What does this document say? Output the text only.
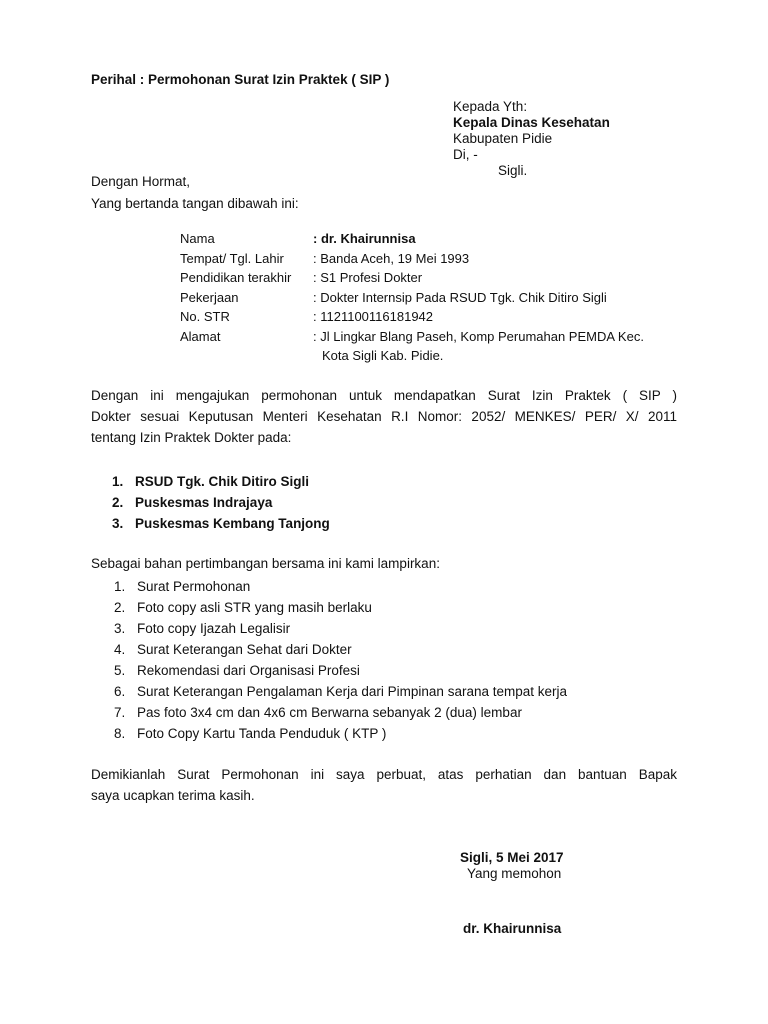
Perihal : Permohonan Surat Izin Praktek ( SIP )
Kepada Yth:
Kepala Dinas Kesehatan
Kabupaten Pidie
Di, -
Sigli.
Dengan Hormat,
Yang bertanda tangan dibawah ini:
Nama	: dr. Khairunnisa
Tempat/ Tgl. Lahir	: Banda Aceh, 19 Mei 1993
Pendidikan terakhir	: S1 Profesi Dokter
Pekerjaan	: Dokter Internsip Pada RSUD Tgk. Chik Ditiro Sigli
No. STR	: 1121100116181942
Alamat	: Jl Lingkar Blang Paseh, Komp Perumahan PEMDA Kec.
	Kota Sigli Kab. Pidie.
Dengan ini mengajukan permohonan untuk mendapatkan Surat Izin Praktek ( SIP )
Dokter sesuai Keputusan Menteri Kesehatan R.I Nomor: 2052/ MENKES/ PER/ X/ 2011
tentang Izin Praktek Dokter pada:
1. RSUD Tgk. Chik Ditiro Sigli
2. Puskesmas Indrajaya
3. Puskesmas Kembang Tanjong
Sebagai bahan pertimbangan bersama ini kami lampirkan:
1. Surat Permohonan
2. Foto copy asli STR yang masih berlaku
3. Foto copy Ijazah Legalisir
4. Surat Keterangan Sehat dari Dokter
5. Rekomendasi dari Organisasi Profesi
6. Surat Keterangan Pengalaman Kerja dari Pimpinan sarana tempat kerja
7. Pas foto 3x4 cm dan 4x6 cm Berwarna sebanyak 2 (dua) lembar
8. Foto Copy Kartu Tanda Penduduk ( KTP )
Demikianlah Surat Permohonan ini saya perbuat, atas perhatian dan bantuan Bapak
saya ucapkan terima kasih.
Sigli, 5 Mei 2017
Yang memohon
dr. Khairunnisa
